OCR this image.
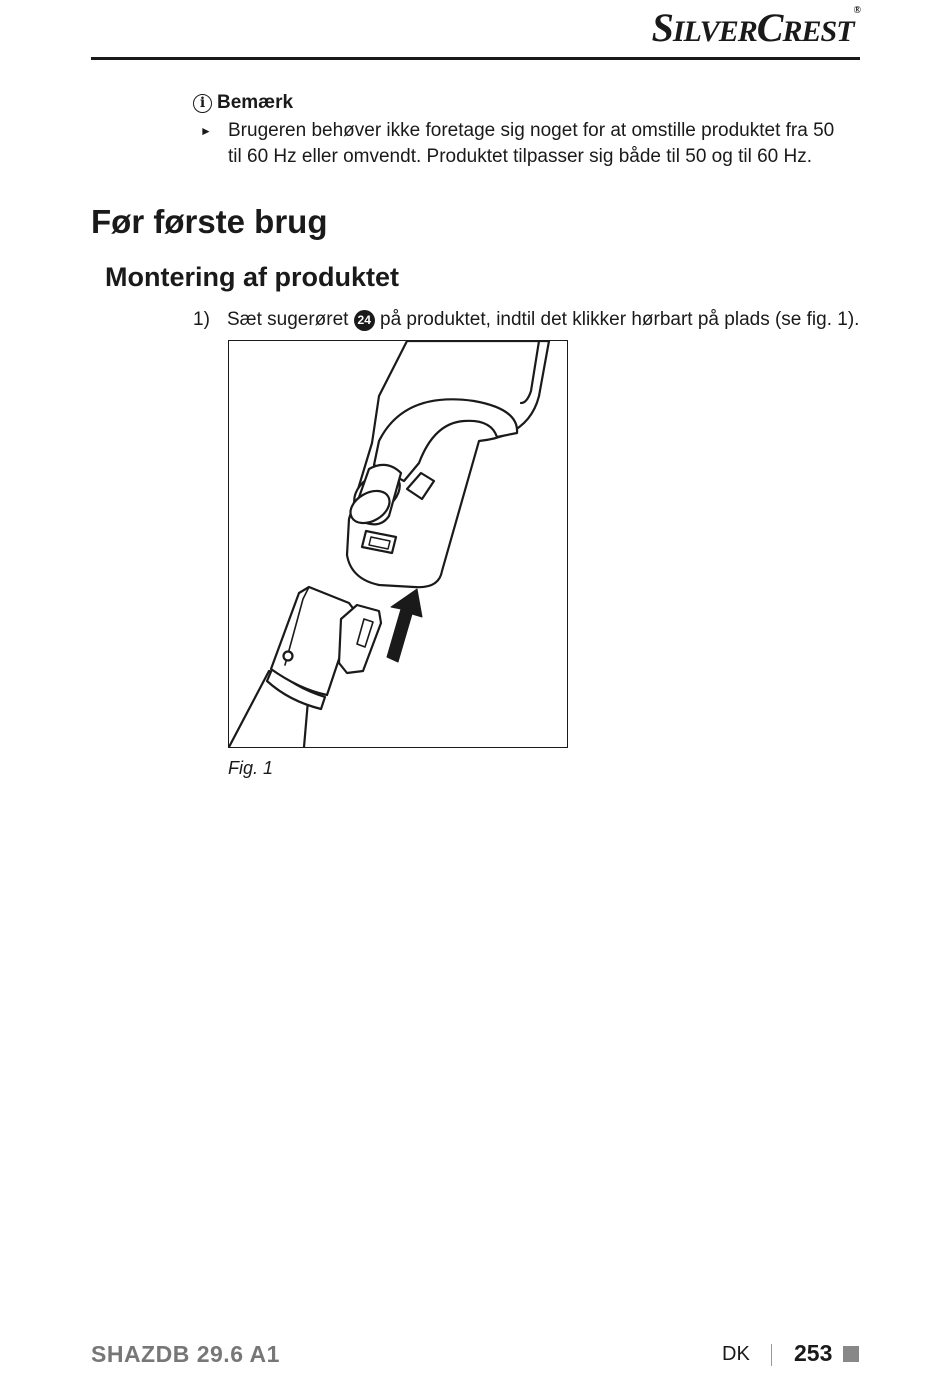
SILVERCREST®
i Bemærk
► Brugeren behøver ikke foretage sig noget for at omstille produktet fra 50 til 60 Hz eller omvendt. Produktet tilpasser sig både til 50 og til 60 Hz.
Før første brug
Montering af produktet
1) Sæt sugerøret 24 på produktet, indtil det klikker hørbart på plads (se fig. 1).
Fig. 1
SHAZDB 29.6 A1	DK 253
